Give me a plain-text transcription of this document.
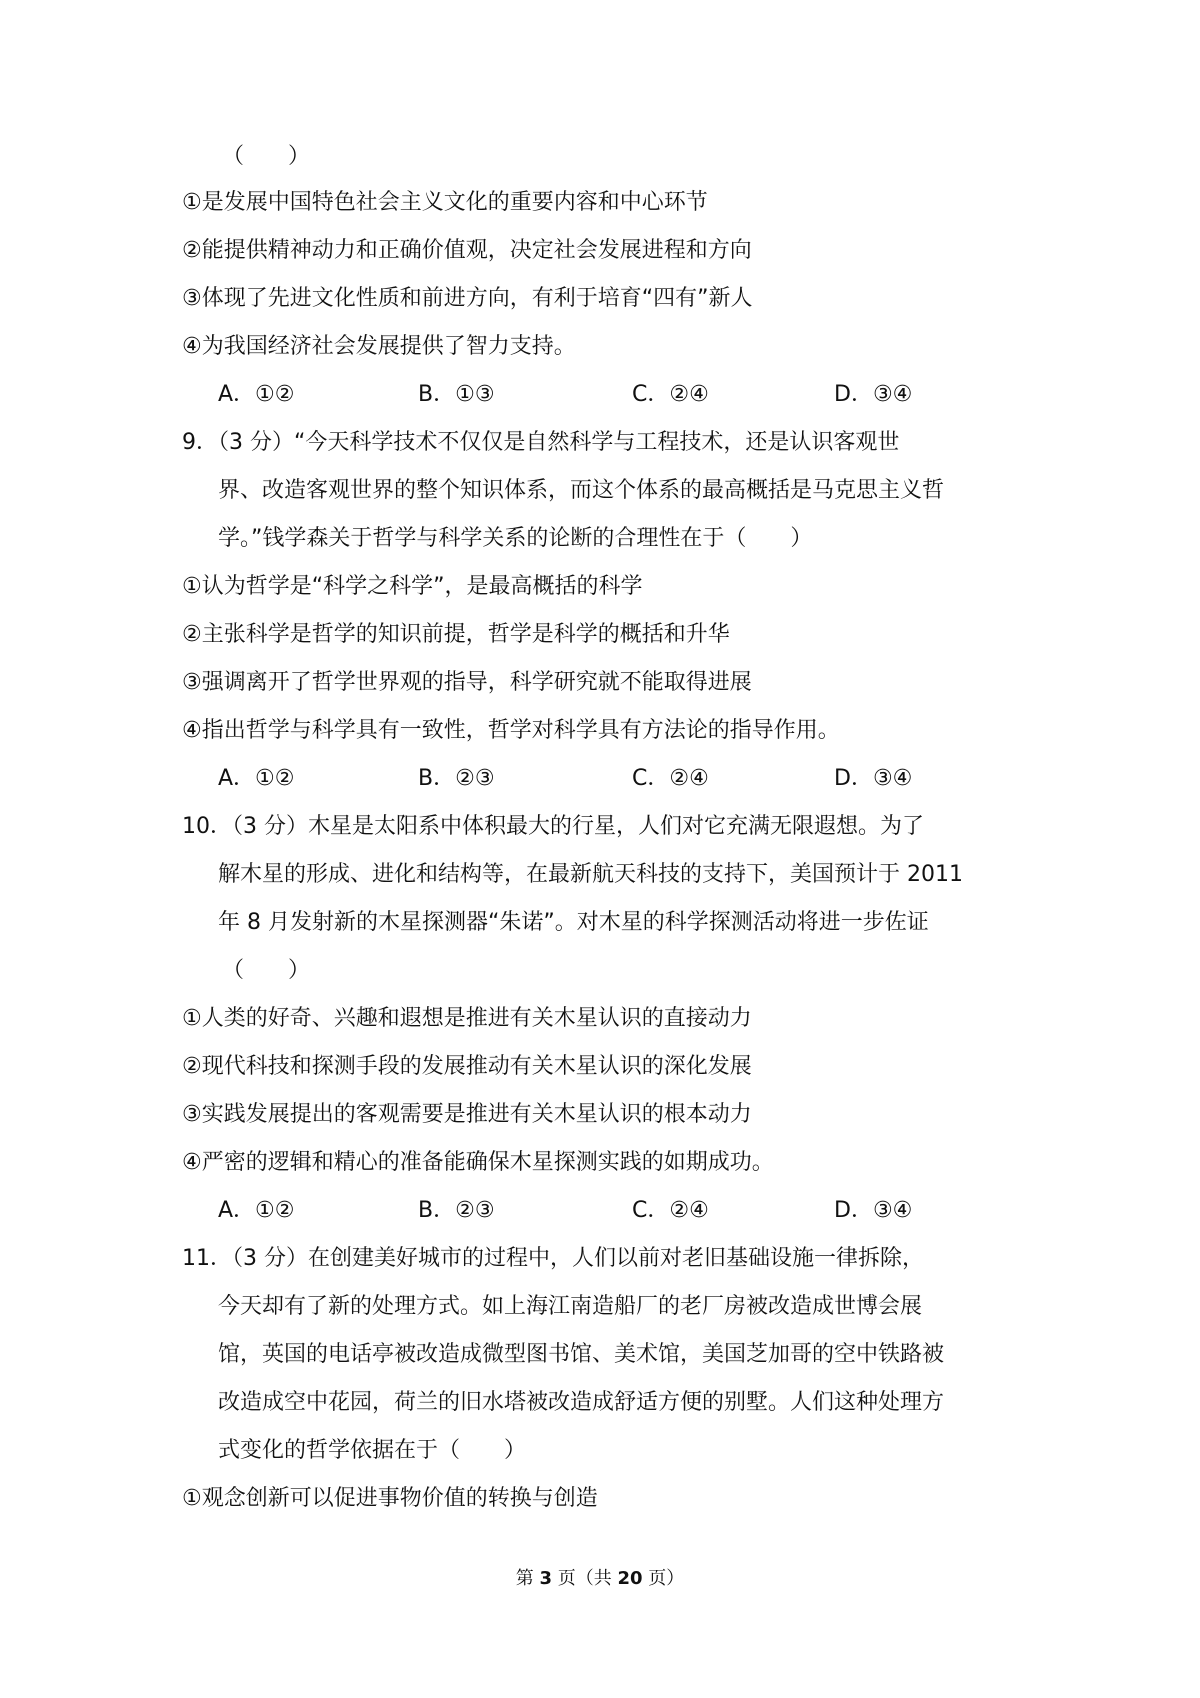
（　　）
①是发展中国特色社会主义文化的重要内容和中心环节
②能提供精神动力和正确价值观，决定社会发展进程和方向
③体现了先进文化性质和前进方向，有利于培育“四有”新人
④为我国经济社会发展提供了智力支持。
A．①②	B．①③	C．②④	D．③④
9．（3 分）“今天科学技术不仅仅是自然科学与工程技术，还是认识客观世
界、改造客观世界的整个知识体系，而这个体系的最高概括是马克思主义哲
学。”钱学森关于哲学与科学关系的论断的合理性在于（　　）
①认为哲学是“科学之科学”，是最高概括的科学
②主张科学是哲学的知识前提，哲学是科学的概括和升华
③强调离开了哲学世界观的指导，科学研究就不能取得进展
④指出哲学与科学具有一致性，哲学对科学具有方法论的指导作用。
A．①②	B．②③	C．②④	D．③④
10．（3 分）木星是太阳系中体积最大的行星，人们对它充满无限遐想。为了
解木星的形成、进化和结构等，在最新航天科技的支持下，美国预计于 2011
年 8 月发射新的木星探测器“朱诺”。对木星的科学探测活动将进一步佐证
（　　）
①人类的好奇、兴趣和遐想是推进有关木星认识的直接动力
②现代科技和探测手段的发展推动有关木星认识的深化发展
③实践发展提出的客观需要是推进有关木星认识的根本动力
④严密的逻辑和精心的准备能确保木星探测实践的如期成功。
A．①②	B．②③	C．②④	D．③④
11．（3 分）在创建美好城市的过程中，人们以前对老旧基础设施一律拆除，
今天却有了新的处理方式。如上海江南造船厂的老厂房被改造成世博会展
馆，英国的电话亭被改造成微型图书馆、美术馆，美国芝加哥的空中铁路被
改造成空中花园，荷兰的旧水塔被改造成舒适方便的别墅。人们这种处理方
式变化的哲学依据在于（　　）
①观念创新可以促进事物价值的转换与创造
第 3 页（共 20 页）
